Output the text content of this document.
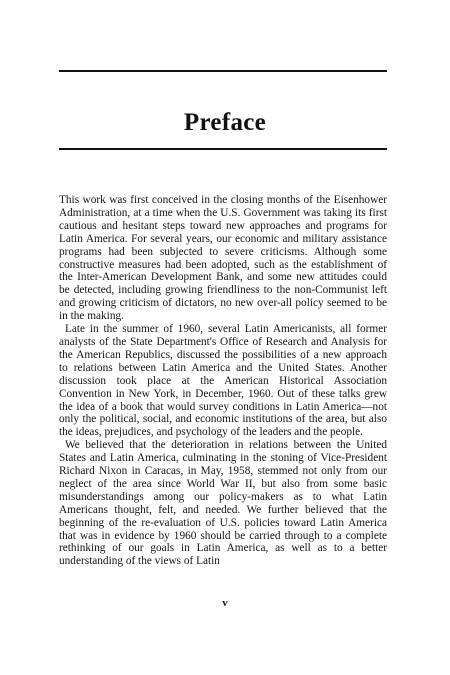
Preface

This work was first conceived in the closing months of the Eisenhower Administration, at a time when the U.S. Government was taking its first cautious and hesitant steps toward new approaches and programs for Latin America. For several years, our economic and military assistance programs had been subjected to severe criticisms. Although some constructive measures had been adopted, such as the establishment of the Inter-American Development Bank, and some new attitudes could be detected, including growing friendliness to the non-Communist left and growing criticism of dictators, no new over-all policy seemed to be in the making.

Late in the summer of 1960, several Latin Americanists, all former analysts of the State Department's Office of Research and Analysis for the American Republics, discussed the possibilities of a new approach to relations between Latin America and the United States. Another discussion took place at the American Historical Association Convention in New York, in December, 1960. Out of these talks grew the idea of a book that would survey conditions in Latin America—not only the political, social, and economic institutions of the area, but also the ideas, prejudices, and psychology of the leaders and the people.

We believed that the deterioration in relations between the United States and Latin America, culminating in the stoning of Vice-President Richard Nixon in Caracas, in May, 1958, stemmed not only from our neglect of the area since World War II, but also from some basic misunderstandings among our policy-makers as to what Latin Americans thought, felt, and needed. We further believed that the beginning of the re-evaluation of U.S. policies toward Latin America that was in evidence by 1960 should be carried through to a complete rethinking of our goals in Latin America, as well as to a better understanding of the views of Latin

v
